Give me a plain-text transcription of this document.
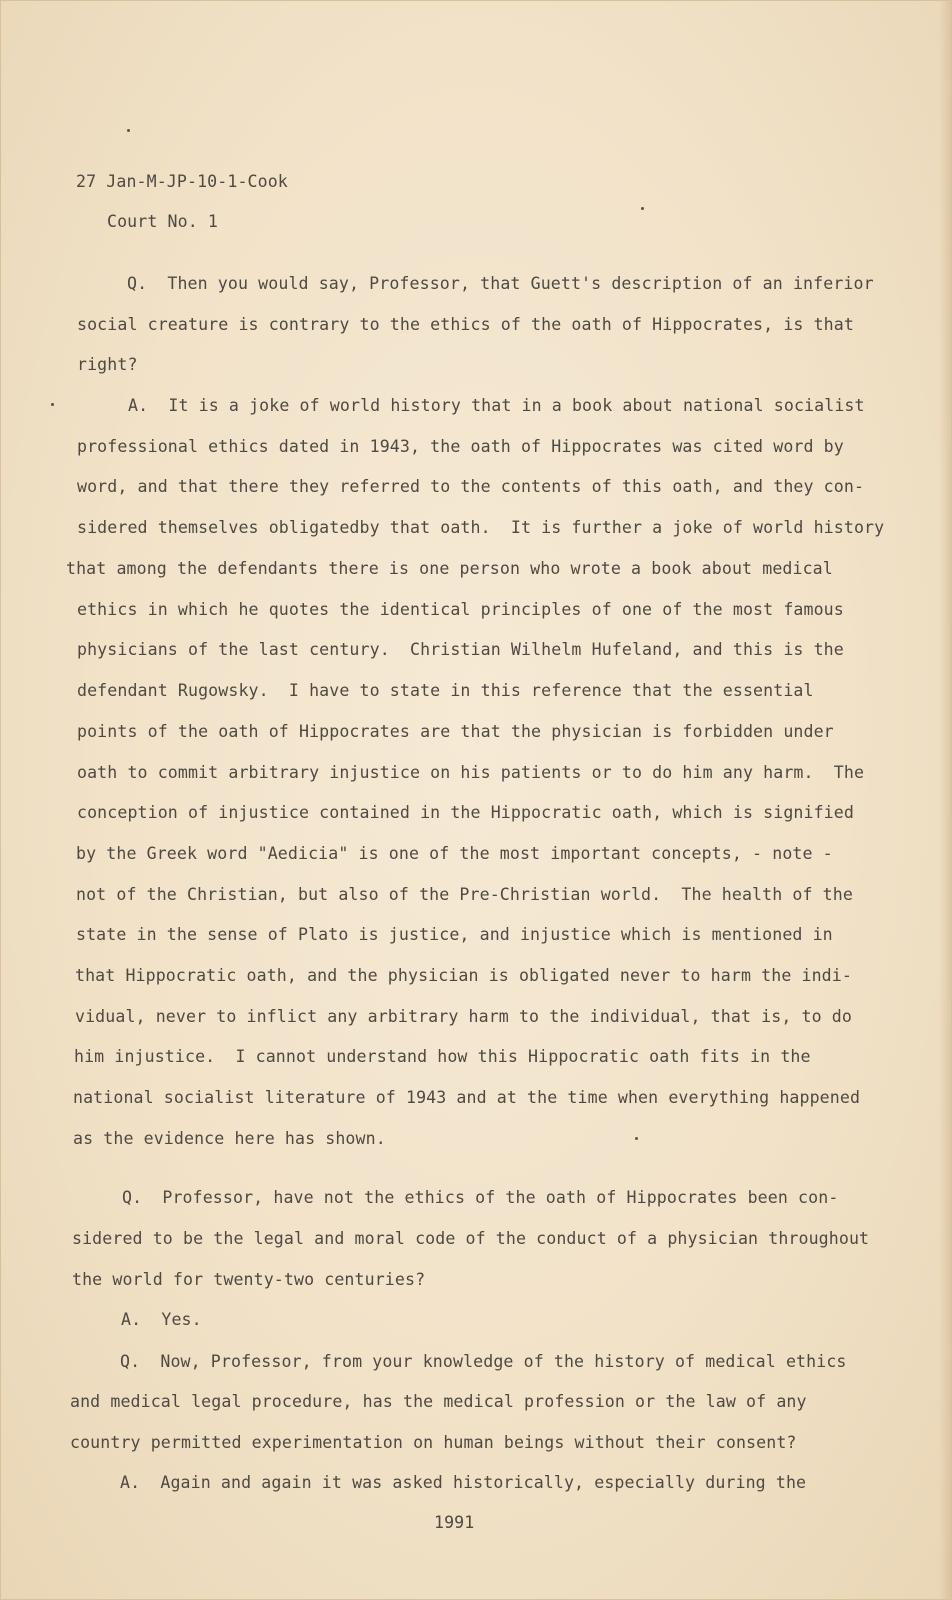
27 Jan-M-JP-10-1-Cook
Court No. 1
Q.  Then you would say, Professor, that Guett's description of an inferior
social creature is contrary to the ethics of the oath of Hippocrates, is that
right?
A.  It is a joke of world history that in a book about national socialist
professional ethics dated in 1943, the oath of Hippocrates was cited word by
word, and that there they referred to the contents of this oath, and they con-
sidered themselves obligatedby that oath.  It is further a joke of world history
that among the defendants there is one person who wrote a book about medical
ethics in which he quotes the identical principles of one of the most famous
physicians of the last century.  Christian Wilhelm Hufeland, and this is the
defendant Rugowsky.  I have to state in this reference that the essential
points of the oath of Hippocrates are that the physician is forbidden under
oath to commit arbitrary injustice on his patients or to do him any harm.  The
conception of injustice contained in the Hippocratic oath, which is signified
by the Greek word "Aedicia" is one of the most important concepts, - note -
not of the Christian, but also of the Pre-Christian world.  The health of the
state in the sense of Plato is justice, and injustice which is mentioned in
that Hippocratic oath, and the physician is obligated never to harm the indi-
vidual, never to inflict any arbitrary harm to the individual, that is, to do
him injustice.  I cannot understand how this Hippocratic oath fits in the
national socialist literature of 1943 and at the time when everything happened
as the evidence here has shown.
Q.  Professor, have not the ethics of the oath of Hippocrates been con-
sidered to be the legal and moral code of the conduct of a physician throughout
the world for twenty-two centuries?
A.  Yes.
Q.  Now, Professor, from your knowledge of the history of medical ethics
and medical legal procedure, has the medical profession or the law of any
country permitted experimentation on human beings without their consent?
A.  Again and again it was asked historically, especially during the
1991
